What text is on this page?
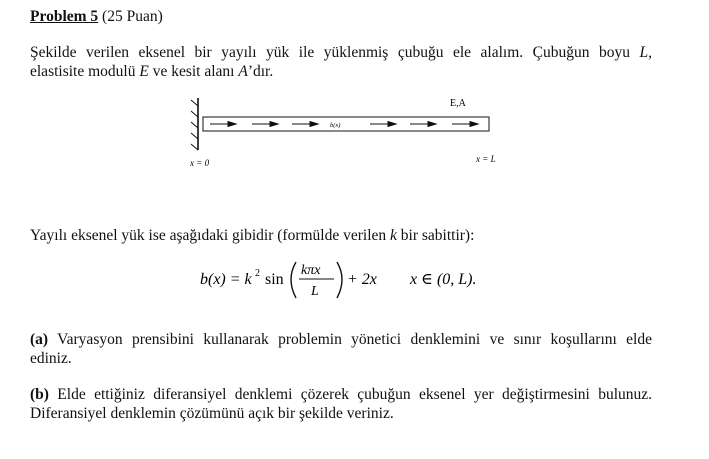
Problem 5 (25 Puan)
Şekilde verilen eksenel bir yayılı yük ile yüklenmiş çubuğu ele alalım. Çubuğun boyu L,
elastisite modulü E ve kesit alanı A’dır.
E,A
b(x)
x = 0	x = L
Yayılı eksenel yük ise aşağıdaki gibidir (formülde verilen k bir sabittir):
b(x) = k 2 sin
kπx
L
+ 2x x ∈ (0, L).
(a) Varyasyon prensibini kullanarak problemin yönetici denklemini ve sınır koşullarını elde
ediniz.
(b) Elde ettiğiniz diferansiyel denklemi çözerek çubuğun eksenel yer değiştirmesini bulunuz.
Diferansiyel denklemin çözümünü açık bir şekilde veriniz.
